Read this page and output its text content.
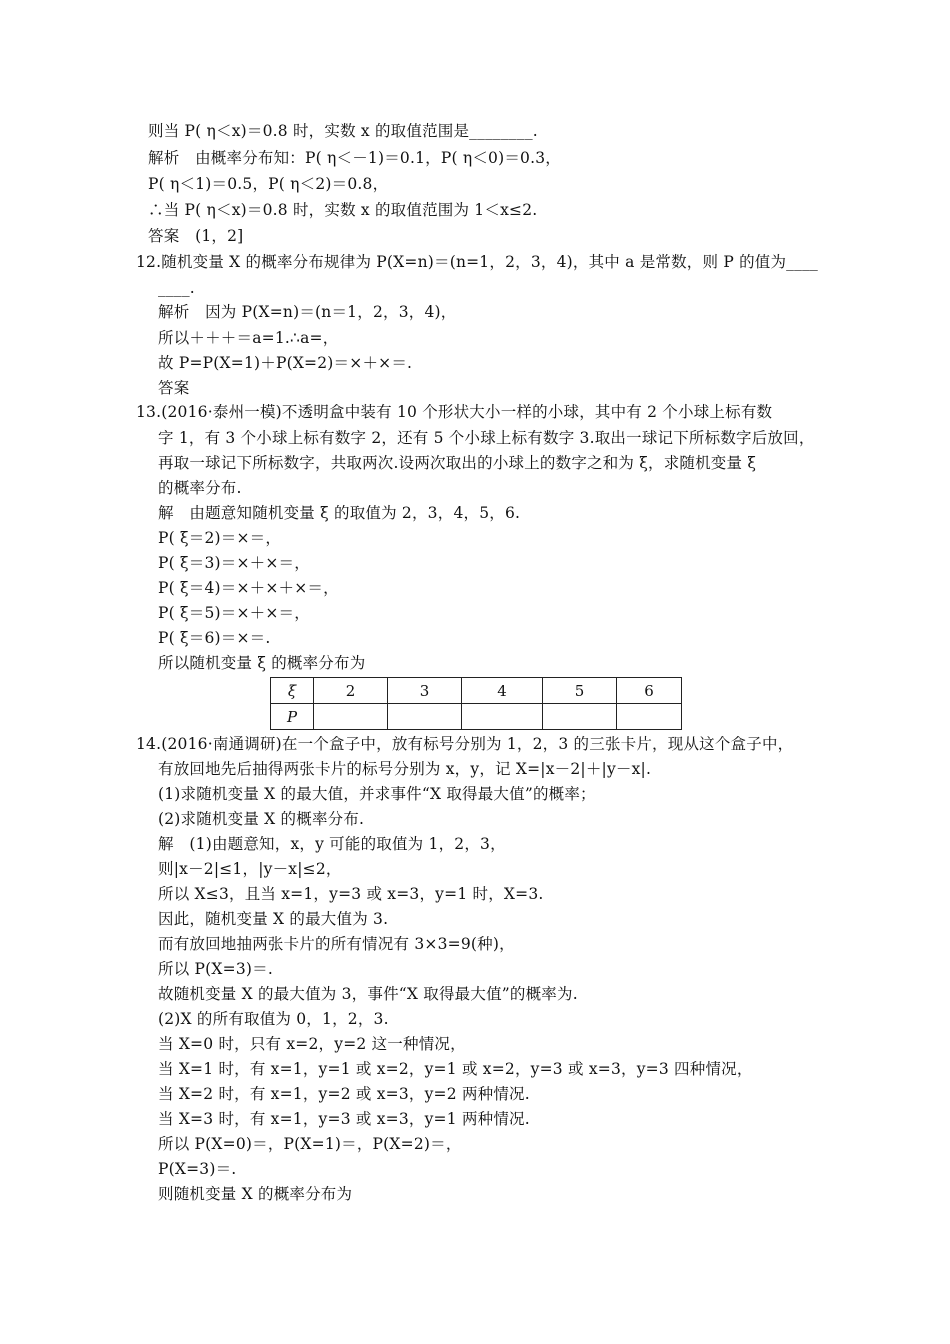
则当 P( η＜x)＝0.8 时，实数 x 的取值范围是________.
解析　由概率分布知：P( η＜－1)＝0.1，P( η＜0)＝0.3，
P( η＜1)＝0.5，P( η＜2)＝0.8，
∴当 P( η＜x)＝0.8 时，实数 x 的取值范围为 1＜x≤2.
答案　(1，2]
12.随机变量 X 的概率分布规律为 P(X=n)＝(n=1，2，3，4)，其中 a 是常数，则 P 的值为____
____.
解析　因为 P(X=n)＝(n＝1，2，3，4)，
所以＋＋＋＝a=1.∴a=，
故 P=P(X=1)＋P(X=2)＝×＋×＝.
答案
13.(2016·泰州一模)不透明盒中装有 10 个形状大小一样的小球，其中有 2 个小球上标有数
字 1，有 3 个小球上标有数字 2，还有 5 个小球上标有数字 3.取出一球记下所标数字后放回，
再取一球记下所标数字，共取两次.设两次取出的小球上的数字之和为 ξ，求随机变量 ξ
的概率分布.
解　由题意知随机变量 ξ 的取值为 2，3，4，5，6.
P( ξ＝2)＝×＝，
P( ξ＝3)＝×＋×＝，
P( ξ＝4)＝×＋×＋×＝，
P( ξ＝5)＝×＋×＝，
P( ξ＝6)＝×＝.
所以随机变量 ξ 的概率分布为
ξ	2	3	4	5	6
P					
14.(2016·南通调研)在一个盒子中，放有标号分别为 1，2，3 的三张卡片，现从这个盒子中，
有放回地先后抽得两张卡片的标号分别为 x，y，记 X=|x－2|＋|y－x|.
(1)求随机变量 X 的最大值，并求事件“X 取得最大值”的概率；
(2)求随机变量 X 的概率分布.
解　(1)由题意知，x，y 可能的取值为 1，2，3，
则|x－2|≤1，|y－x|≤2，
所以 X≤3，且当 x=1，y=3 或 x=3，y=1 时，X=3.
因此，随机变量 X 的最大值为 3.
而有放回地抽两张卡片的所有情况有 3×3=9(种)，
所以 P(X=3)＝.
故随机变量 X 的最大值为 3，事件“X 取得最大值”的概率为.
(2)X 的所有取值为 0，1，2，3.
当 X=0 时，只有 x=2，y=2 这一种情况，
当 X=1 时，有 x=1，y=1 或 x=2，y=1 或 x=2，y=3 或 x=3，y=3 四种情况，
当 X=2 时，有 x=1，y=2 或 x=3，y=2 两种情况.
当 X=3 时，有 x=1，y=3 或 x=3，y=1 两种情况.
所以 P(X=0)＝，P(X=1)＝，P(X=2)＝，
P(X=3)＝.
则随机变量 X 的概率分布为
